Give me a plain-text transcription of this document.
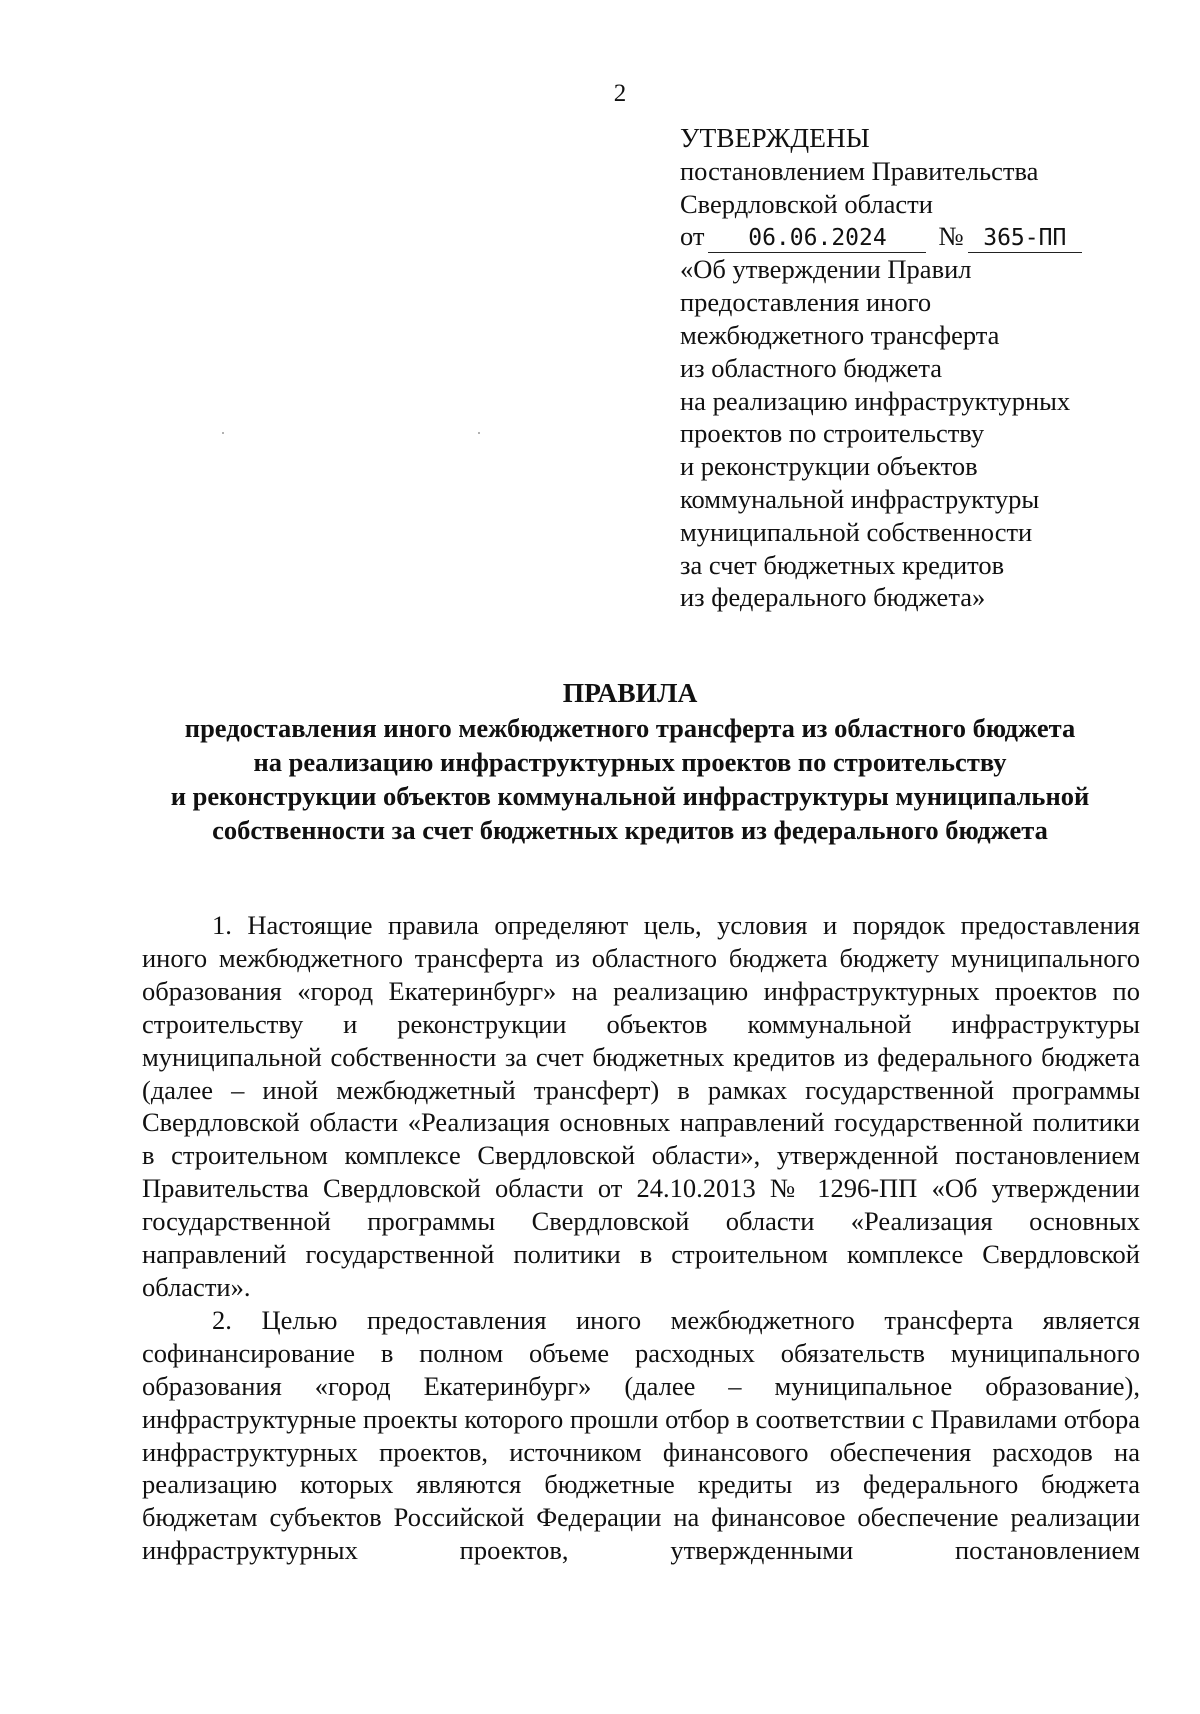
2
УТВЕРЖДЕНЫ
постановлением Правительства
Свердловской области
от 06.06.2024 № 365-ПП
«Об утверждении Правил
предоставления иного
межбюджетного трансферта
из областного бюджета
на реализацию инфраструктурных
проектов по строительству
и реконструкции объектов
коммунальной инфраструктуры
муниципальной собственности
за счет бюджетных кредитов
из федерального бюджета»
ПРАВИЛА
предоставления иного межбюджетного трансферта из областного бюджета
на реализацию инфраструктурных проектов по строительству
и реконструкции объектов коммунальной инфраструктуры муниципальной
собственности за счет бюджетных кредитов из федерального бюджета

1. Настоящие правила определяют цель, условия и порядок предоставления иного межбюджетного трансферта из областного бюджета бюджету муниципального образования «город Екатеринбург» на реализацию инфраструктурных проектов по строительству и реконструкции объектов коммунальной инфраструктуры муниципальной собственности за счет бюджетных кредитов из федерального бюджета (далее – иной межбюджетный трансферт) в рамках государственной программы Свердловской области «Реализация основных направлений государственной политики в строительном комплексе Свердловской области», утвержденной постановлением Правительства Свердловской области от 24.10.2013 № 1296-ПП «Об утверждении государственной программы Свердловской области «Реализация основных направлений государственной политики в строительном комплексе Свердловской области».

2. Целью предоставления иного межбюджетного трансферта является софинансирование в полном объеме расходных обязательств муниципального образования «город Екатеринбург» (далее – муниципальное образование), инфраструктурные проекты которого прошли отбор в соответствии с Правилами отбора инфраструктурных проектов, источником финансового обеспечения расходов на реализацию которых являются бюджетные кредиты из федерального бюджета бюджетам субъектов Российской Федерации на финансовое обеспечение реализации инфраструктурных проектов, утвержденными постановлением
